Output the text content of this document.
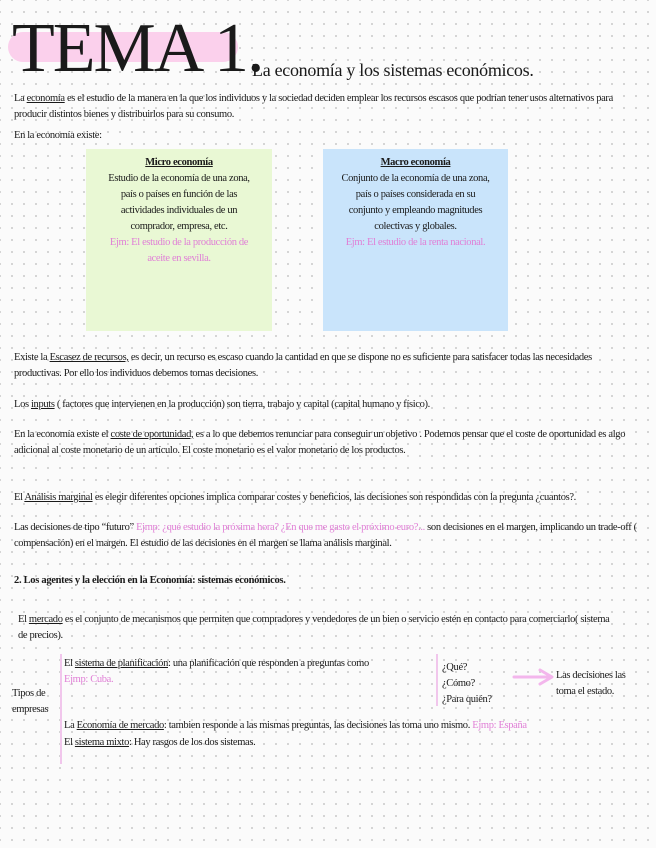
TEMA 1.
La economía y los sistemas económicos.
La economía es el estudio de la manera en la que los individuos y la sociedad deciden emplear los recursos escasos que podrían tener usos alternativos para producir distintos bienes y distribuirlos para su consumo.
En la economía existe:
Micro economía
Estudio de la economía de una zona, país o países en función de las actividades individuales de un comprador, empresa, etc.
Ejm: El estudio de la producción de aceite en sevilla.
Macro economía
Conjunto de la economía de una zona, país o países considerada en su conjunto y empleando magnitudes colectivas y globales.
Ejm: El estudio de la renta nacional.
Existe la Escasez de recursos, es decir, un recurso es escaso cuando la cantidad en que se dispone no es suficiente para satisfacer todas las necesidades productivas. Por ello los individuos debemos tomas decisiones.
Los inputs ( factores que intervienen en la producción) son tierra, trabajo y capital (capital humano y físico).
En la economía existe el coste de oportunidad, es a lo que debemos renunciar para conseguir un objetivo . Podemos pensar que el coste de oportunidad es algo adicional al coste monetario de un artículo. El coste monetario es el valor monetario de los productos.
El Análisis marginal es elegir diferentes opciones implica comparar costes y beneficios, las decisiones son respondidas con la pregunta ¿cuantos?.
Las decisiones de tipo “futuro” Ejmp: ¿qué estudio la próxima hora? ¿En que me gasto el próximo euro?... son decisiones en el margen, implicando un trade-off ( compensación) en el margen. El estudio de las decisiones en el margen se llama análisis marginal.
2. Los agentes y la elección en la Economía: sistemas económicos.
El mercado es el conjunto de mecanismos que permiten que compradores y vendedores de un bien o servicio estén en contacto para comerciarlo( sistema de precios).
Tipos de empresas
El sistema de planificación: una planificación que responden a preguntas como
Ejmp: Cuba.
¿Qué?
¿Cómo?
¿Para quién?
Las decisiones las toma el estado.
La Economía de mercado: tambien responde a las mismas preguntas, las decisiones las toma uno mismo. Ejmp: España
El sistema mixto: Hay rasgos de los dos sistemas.
